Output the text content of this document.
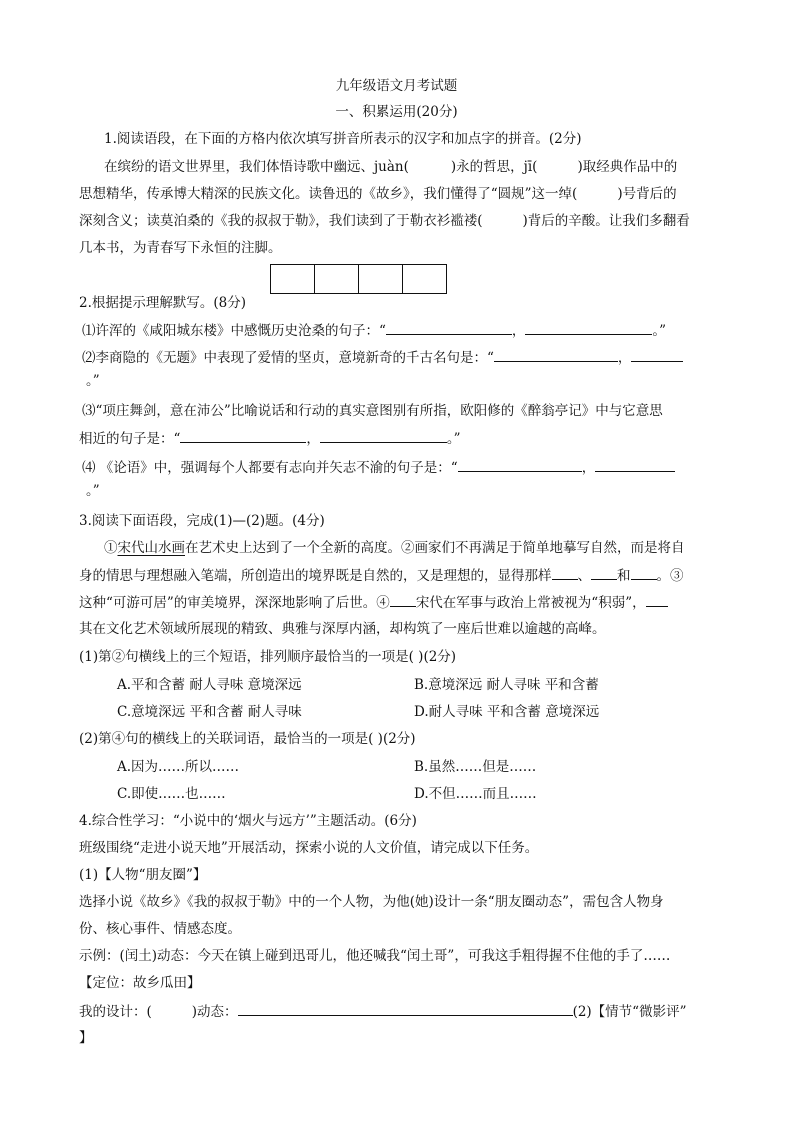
九年级语文月考试题
一、积累运用(20分)
1.阅读语段，在下面的方格内依次填写拼音所表示的汉字和加点字的拼音。(2分)
在缤纷的语文世界里，我们体悟诗歌中幽远、juàn(	)永的哲思，jī(	)取经典作品中的
思想精华，传承博大精深的民族文化。读鲁迅的《故乡》，我们懂得了“圆规”这一绰(	)号背后的
深刻含义；读莫泊桑的《我的叔叔于勒》，我们读到了于勒衣衫褴褛(	)背后的辛酸。让我们多翻看
几本书，为青春写下永恒的注脚。
2.根据提示理解默写。(8分)
⑴许浑的《咸阳城东楼》中感慨历史沧桑的句子：“	，	。”
⑵李商隐的《无题》中表现了爱情的坚贞，意境新奇的千古名句是：“	，
。”
⑶“项庄舞剑，意在沛公”比喻说话和行动的真实意图别有所指，欧阳修的《醉翁亭记》中与它意思
相近的句子是：“	，	。”
⑷ 《论语》中，强调每个人都要有志向并矢志不渝的句子是：“	，
。”
3.阅读下面语段，完成(1)—(2)题。(4分)
①宋代山水画在艺术史上达到了一个全新的高度。②画家们不再满足于简单地摹写自然，而是将自
身的情思与理想融入笔端，所创造出的境界既是自然的，又是理想的，显得那样 、 和 。③
这种“可游可居”的审美境界，深深地影响了后世。④ 宋代在军事与政治上常被视为“积弱”，
其在文化艺术领域所展现的精致、典雅与深厚内涵，却构筑了一座后世难以逾越的高峰。
(1)第②句横线上的三个短语，排列顺序最恰当的一项是( )(2分)
A.平和含蓄 耐人寻味 意境深远	B.意境深远 耐人寻味 平和含蓄
C.意境深远 平和含蓄 耐人寻味	D.耐人寻味 平和含蓄 意境深远
(2)第④句的横线上的关联词语，最恰当的一项是( )(2分)
A.因为……所以……	B.虽然……但是……
C.即使……也……	D.不但……而且……
4.综合性学习：“小说中的‘烟火与远方’”主题活动。(6分)
班级围绕“走进小说天地”开展活动，探索小说的人文价值，请完成以下任务。
(1)【人物“朋友圈”】
选择小说《故乡》《我的叔叔于勒》中的一个人物，为他(她)设计一条“朋友圈动态”，需包含人物身
份、核心事件、情感态度。
示例：(闰土)动态：今天在镇上碰到迅哥儿，他还喊我“闰土哥”，可我这手粗得握不住他的手了……
【定位：故乡瓜田】
我的设计：(	)动态：	(2)【情节“微影评”
】
